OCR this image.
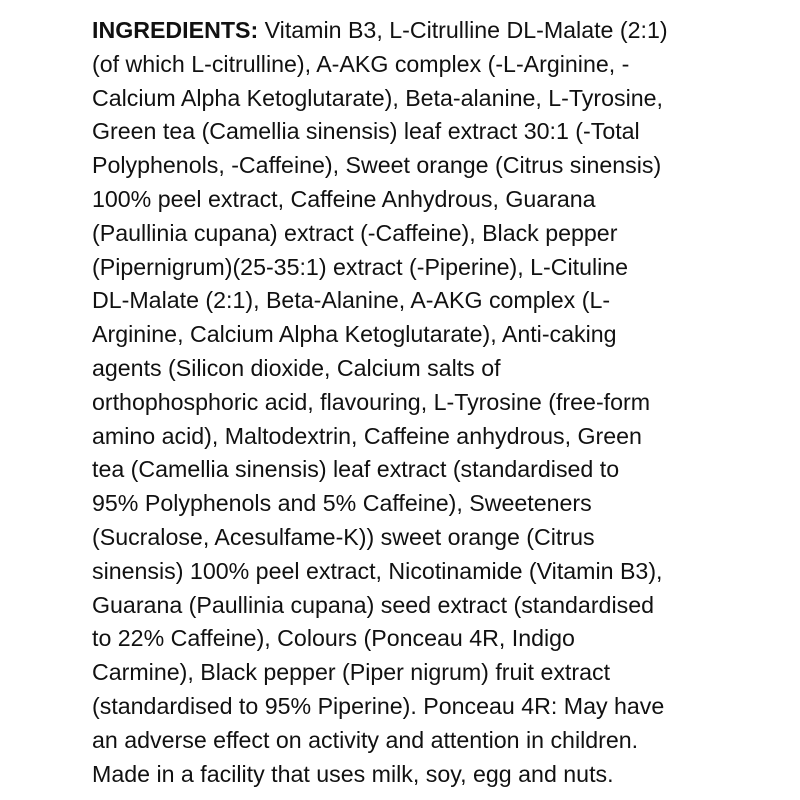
INGREDIENTS: Vitamin B3, L-Citrulline DL-Malate (2:1)
(of which L-citrulline), A-AKG complex (-L-Arginine, -
Calcium Alpha Ketoglutarate), Beta-alanine, L-Tyrosine,
Green tea (Camellia sinensis) leaf extract 30:1 (-Total
Polyphenols, -Caffeine), Sweet orange (Citrus sinensis)
100% peel extract, Caffeine Anhydrous, Guarana
(Paullinia cupana) extract (-Caffeine), Black pepper
(Pipernigrum)(25-35:1) extract (-Piperine), L-Cituline
DL-Malate (2:1), Beta-Alanine, A-AKG complex (L-
Arginine, Calcium Alpha Ketoglutarate), Anti-caking
agents (Silicon dioxide, Calcium salts of
orthophosphoric acid, flavouring, L-Tyrosine (free-form
amino acid), Maltodextrin, Caffeine anhydrous, Green
tea (Camellia sinensis) leaf extract (standardised to
95% Polyphenols and 5% Caffeine), Sweeteners
(Sucralose, Acesulfame-K)) sweet orange (Citrus
sinensis) 100% peel extract, Nicotinamide (Vitamin B3),
Guarana (Paullinia cupana) seed extract (standardised
to 22% Caffeine), Colours (Ponceau 4R, Indigo
Carmine), Black pepper (Piper nigrum) fruit extract
(standardised to 95% Piperine). Ponceau 4R: May have
an adverse effect on activity and attention in children.
Made in a facility that uses milk, soy, egg and nuts.
